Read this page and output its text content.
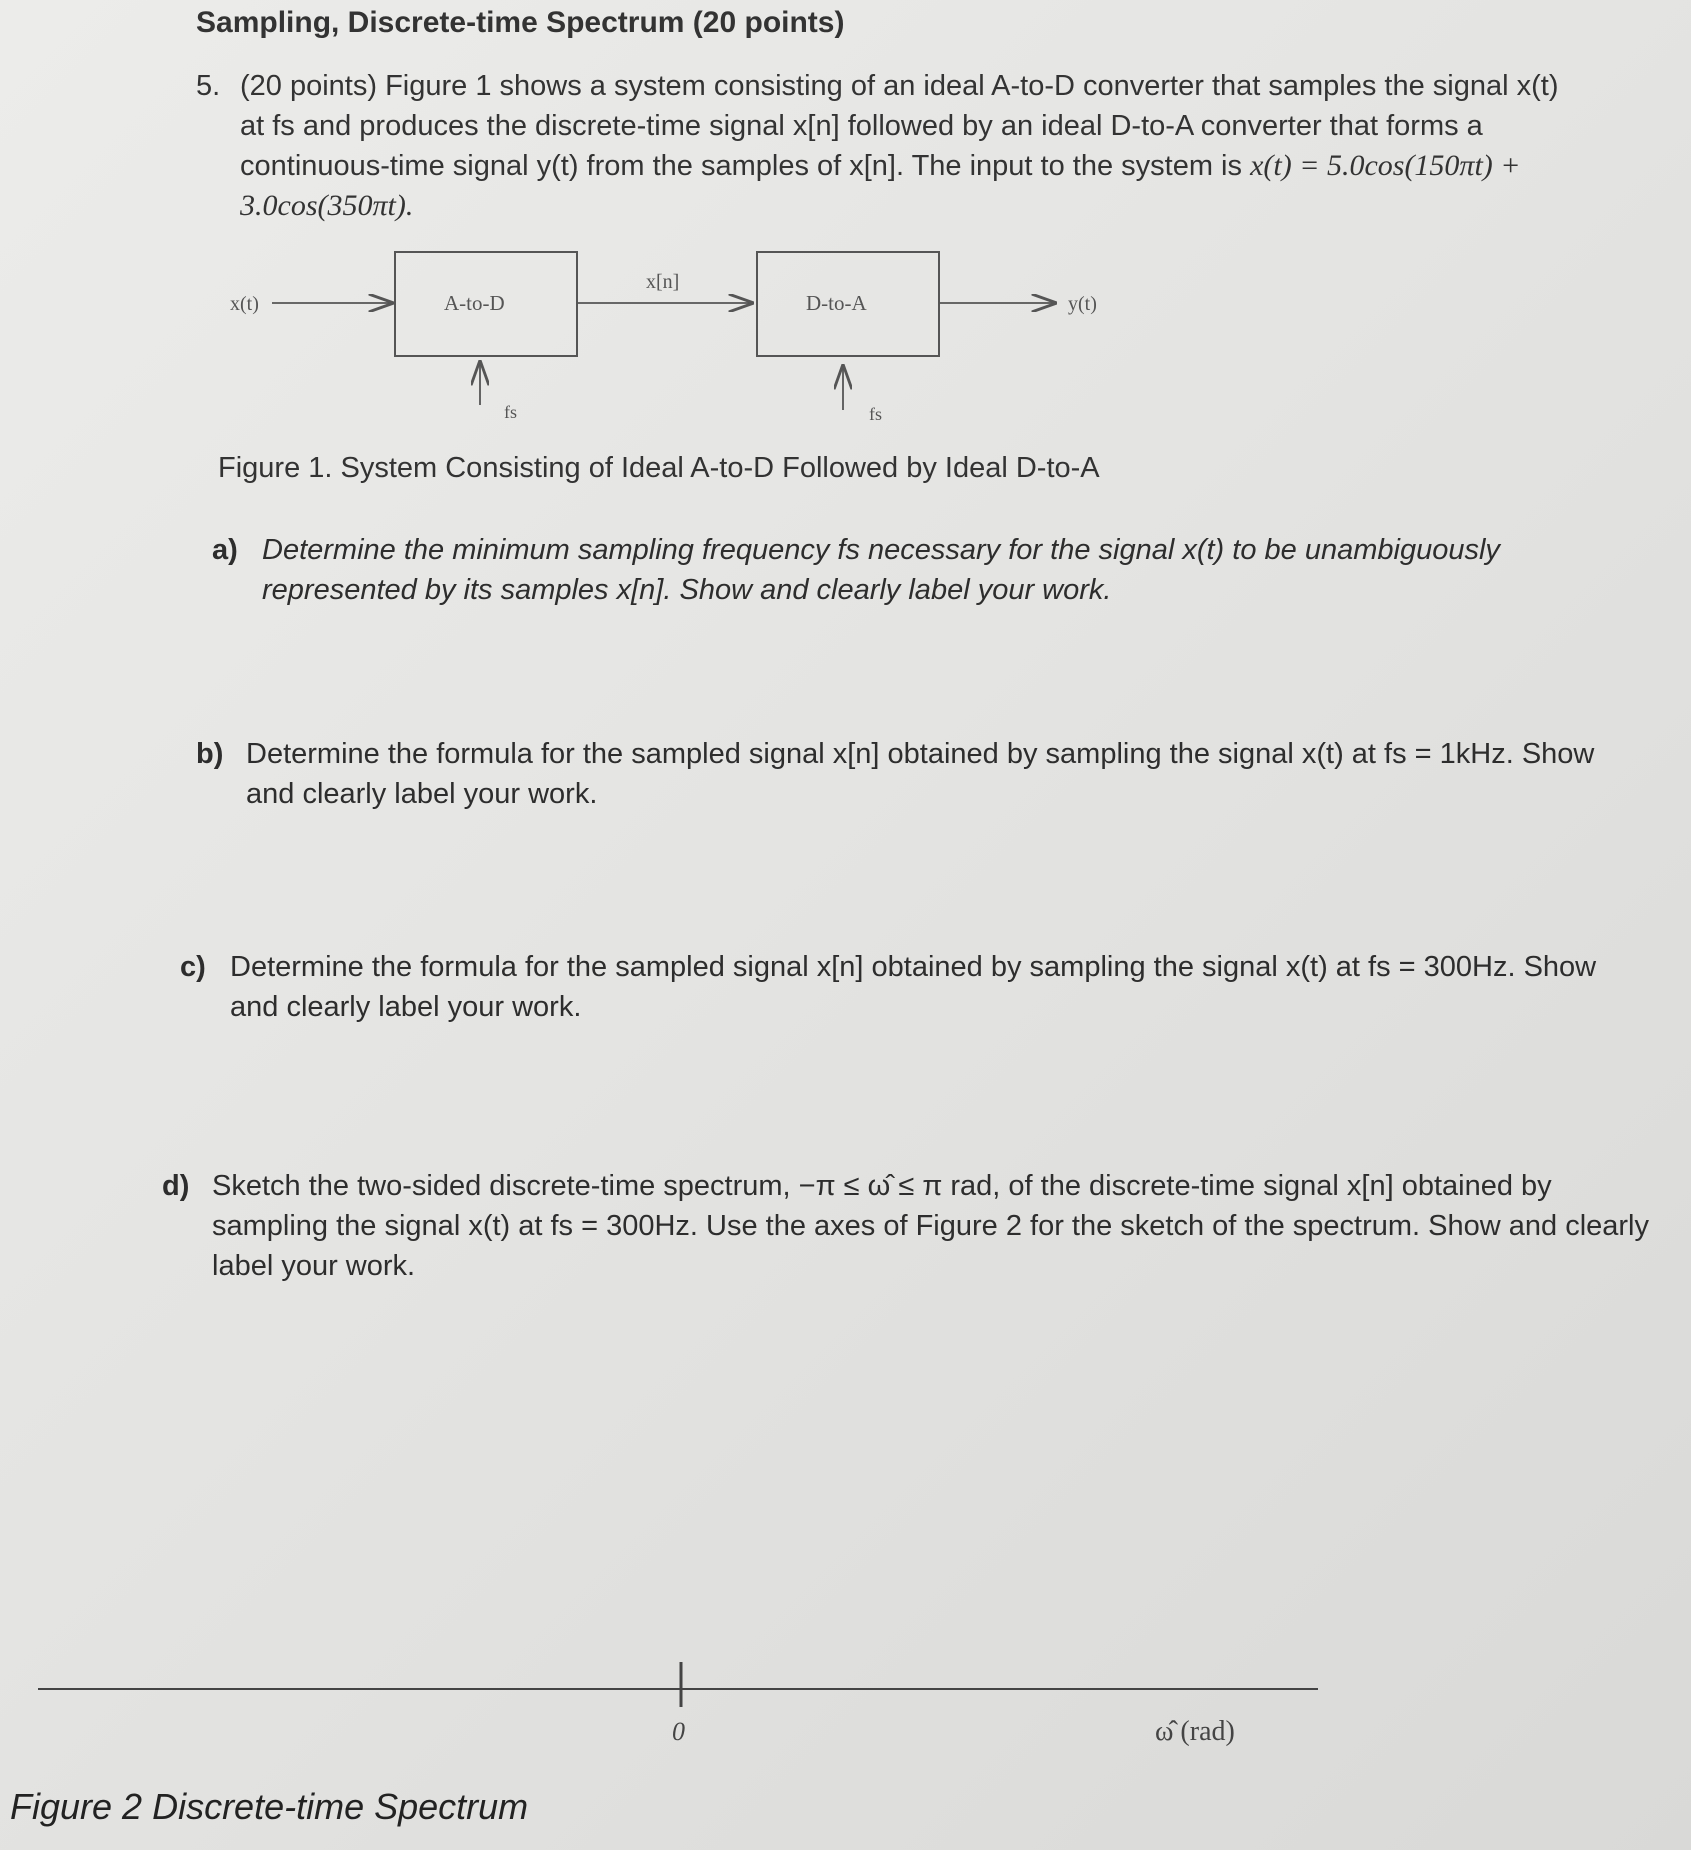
Sampling, Discrete-time Spectrum (20 points)
5. (20 points) Figure 1 shows a system consisting of an ideal A-to-D converter that samples the signal x(t) at fs and produces the discrete-time signal x[n] followed by an ideal D-to-A converter that forms a continuous-time signal y(t) from the samples of x[n]. The input to the system is x(t) = 5.0cos(150πt) + 3.0cos(350πt).
x(t)	A-to-D
x[n]
D-to-A	y(t)
fs	fs
Figure 1. System Consisting of Ideal A-to-D Followed by Ideal D-to-A
a) Determine the minimum sampling frequency fs necessary for the signal x(t) to be unambiguously represented by its samples x[n]. Show and clearly label your work.
b) Determine the formula for the sampled signal x[n] obtained by sampling the signal x(t) at fs = 1kHz. Show and clearly label your work.
c) Determine the formula for the sampled signal x[n] obtained by sampling the signal x(t) at fs = 300Hz. Show and clearly label your work.
d) Sketch the two-sided discrete-time spectrum, −π ≤ ω̂ ≤ π rad, of the discrete-time signal x[n] obtained by sampling the signal x(t) at fs = 300Hz. Use the axes of Figure 2 for the sketch of the spectrum. Show and clearly label your work.
0	ω̂ (rad)
Figure 2 Discrete-time Spectrum
